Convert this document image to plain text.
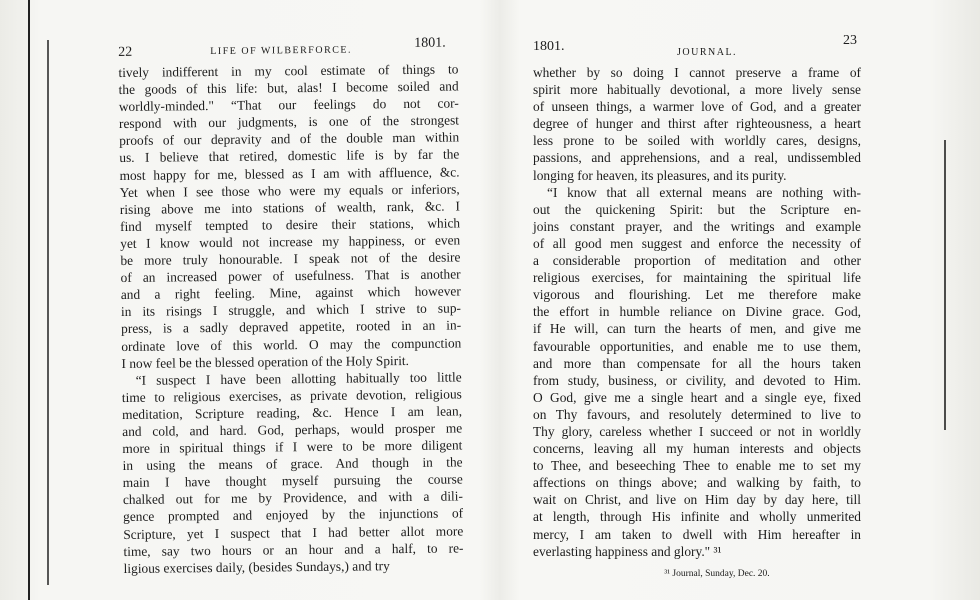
22	LIFE OF WILBERFORCE.	1801.
tively indifferent in my cool estimate of things to
the goods of this life: but, alas! I become soiled and
worldly-minded." “That our feelings do not cor-
respond with our judgments, is one of the strongest
proofs of our depravity and of the double man within
us. I believe that retired, domestic life is by far the
most happy for me, blessed as I am with affluence, &c.
Yet when I see those who were my equals or inferiors,
rising above me into stations of wealth, rank, &c. I
find myself tempted to desire their stations, which
yet I know would not increase my happiness, or even
be more truly honourable. I speak not of the desire
of an increased power of usefulness. That is another
and a right feeling. Mine, against which however
in its risings I struggle, and which I strive to sup-
press, is a sadly depraved appetite, rooted in an in-
ordinate love of this world. O may the compunction
I now feel be the blessed operation of the Holy Spirit.
“I suspect I have been allotting habitually too little
time to religious exercises, as private devotion, religious
meditation, Scripture reading, &c. Hence I am lean,
and cold, and hard. God, perhaps, would prosper me
more in spiritual things if I were to be more diligent
in using the means of grace. And though in the
main I have thought myself pursuing the course
chalked out for me by Providence, and with a dili-
gence prompted and enjoyed by the injunctions of
Scripture, yet I suspect that I had better allot more
time, say two hours or an hour and a half, to re-
ligious exercises daily, (besides Sundays,) and try
1801.	JOURNAL.
23
whether by so doing I cannot preserve a frame of
spirit more habitually devotional, a more lively sense
of unseen things, a warmer love of God, and a greater
degree of hunger and thirst after righteousness, a heart
less prone to be soiled with worldly cares, designs,
passions, and apprehensions, and a real, undissembled
longing for heaven, its pleasures, and its purity.
“I know that all external means are nothing with-
out the quickening Spirit: but the Scripture en-
joins constant prayer, and the writings and example
of all good men suggest and enforce the necessity of
a considerable proportion of meditation and other
religious exercises, for maintaining the spiritual life
vigorous and flourishing. Let me therefore make
the effort in humble reliance on Divine grace. God,
if He will, can turn the hearts of men, and give me
favourable opportunities, and enable me to use them,
and more than compensate for all the hours taken
from study, business, or civility, and devoted to Him.
O God, give me a single heart and a single eye, fixed
on Thy favours, and resolutely determined to live to
Thy glory, careless whether I succeed or not in worldly
concerns, leaving all my human interests and objects
to Thee, and beseeching Thee to enable me to set my
affections on things above; and walking by faith, to
wait on Christ, and live on Him day by day here, till
at length, through His infinite and wholly unmerited
mercy, I am taken to dwell with Him hereafter in
everlasting happiness and glory." ³¹
³¹ Journal, Sunday, Dec. 20.
